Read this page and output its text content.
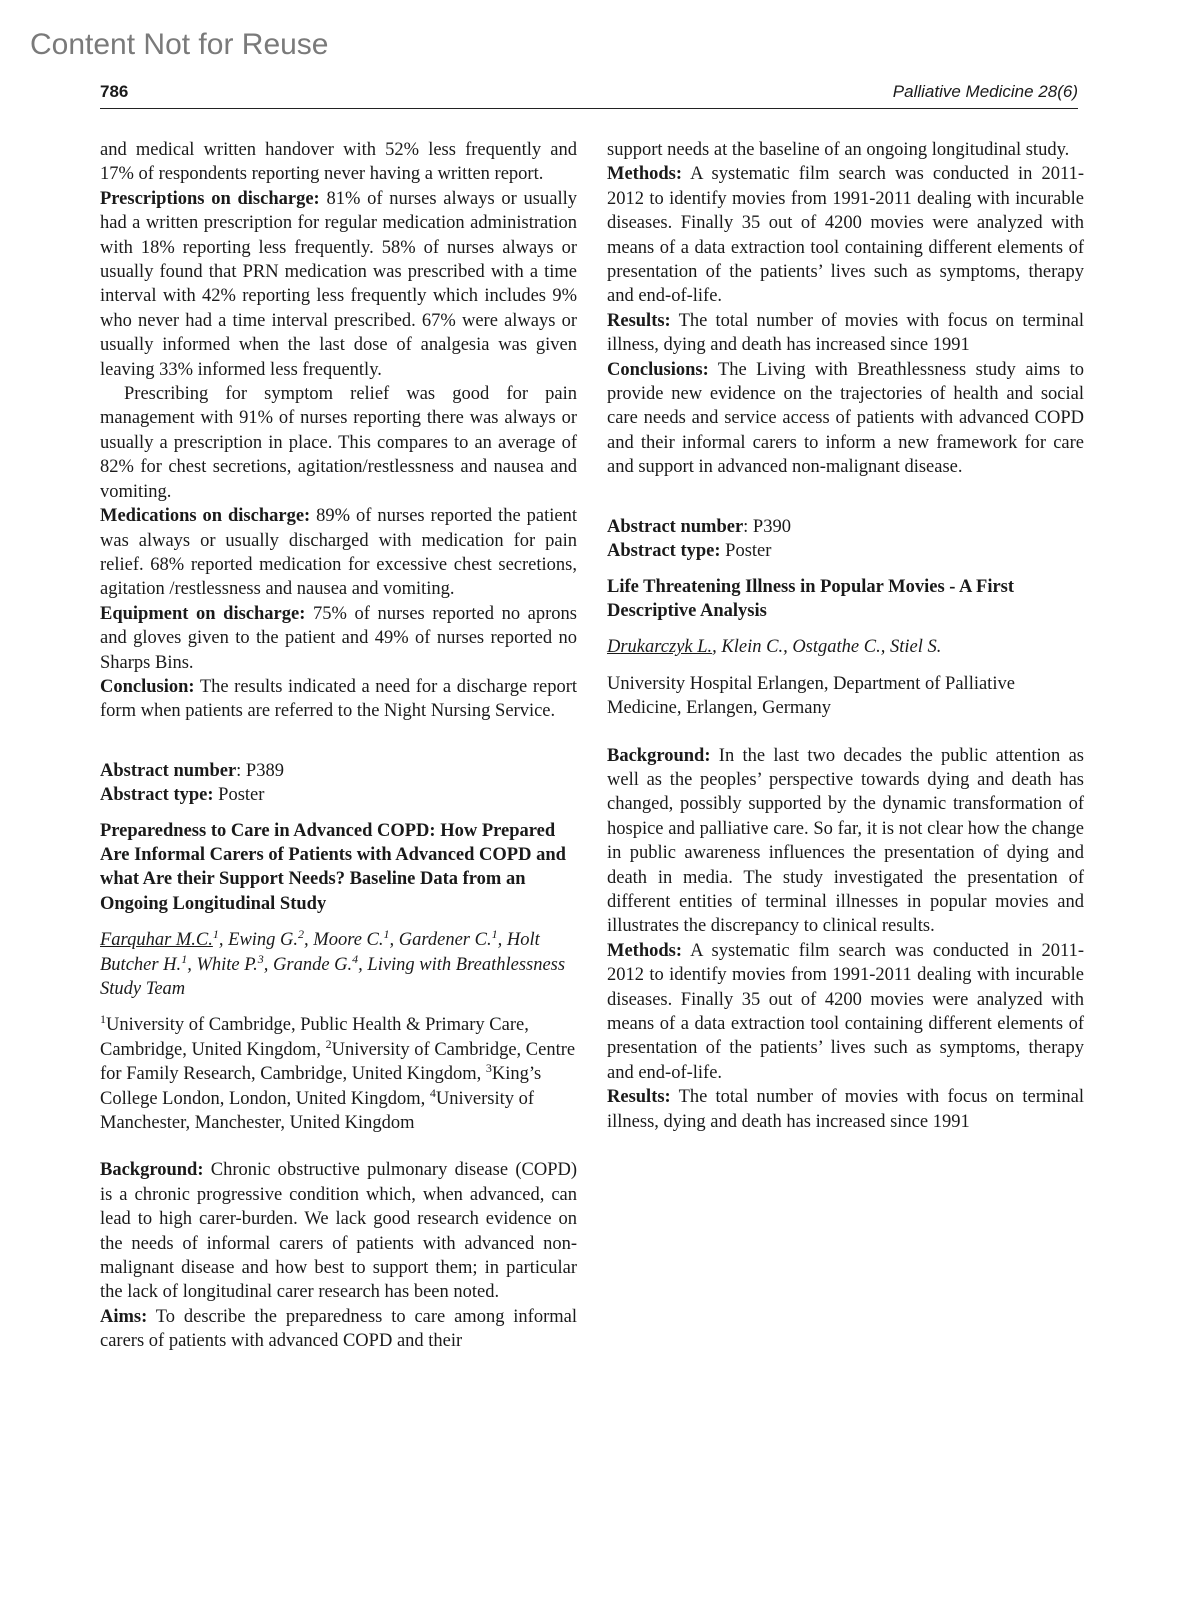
Content Not for Reuse
786	Palliative Medicine 28(6)

and medical written handover with 52% less frequently and 17% of respondents reporting never having a written report.

Prescriptions on discharge: 81% of nurses always or usually had a written prescription for regular medication administration with 18% reporting less frequently. 58% of nurses always or usually found that PRN medication was prescribed with a time interval with 42% reporting less frequently which includes 9% who never had a time interval prescribed. 67% were always or usually informed when the last dose of analgesia was given leaving 33% informed less frequently.

Prescribing for symptom relief was good for pain management with 91% of nurses reporting there was always or usually a prescription in place. This compares to an average of 82% for chest secretions, agitation/restlessness and nausea and vomiting.

Medications on discharge: 89% of nurses reported the patient was always or usually discharged with medication for pain relief. 68% reported medication for excessive chest secretions, agitation /restlessness and nausea and vomiting.

Equipment on discharge: 75% of nurses reported no aprons and gloves given to the patient and 49% of nurses reported no Sharps Bins.

Conclusion: The results indicated a need for a discharge report form when patients are referred to the Night Nursing Service.

Abstract number: P389

Abstract type: Poster

Preparedness to Care in Advanced COPD: How Prepared Are Informal Carers of Patients with Advanced COPD and what Are their Support Needs? Baseline Data from an Ongoing Longitudinal Study

Farquhar M.C.$^1$, Ewing G.$^2$, Moore C.$^1$, Gardener C.$^1$, Holt Butcher H.$^1$, White P.$^3$, Grande G.$^4$, Living with Breathlessness Study Team

$^1$University of Cambridge, Public Health & Primary Care, Cambridge, United Kingdom, $^2$University of Cambridge, Centre for Family Research, Cambridge, United Kingdom, $^3$King’s College London, London, United Kingdom, $^4$University of Manchester, Manchester, United Kingdom

Background: Chronic obstructive pulmonary disease (COPD) is a chronic progressive condition which, when advanced, can lead to high carer-burden. We lack good research evidence on the needs of informal carers of patients with advanced non-malignant disease and how best to support them; in particular the lack of longitudinal carer research has been noted.

Aims: To describe the preparedness to care among informal carers of patients with advanced COPD and their

support needs at the baseline of an ongoing longitudinal study.

Methods: A systematic film search was conducted in 2011-2012 to identify movies from 1991-2011 dealing with incurable diseases. Finally 35 out of 4200 movies were analyzed with means of a data extraction tool containing different elements of presentation of the patients’ lives such as symptoms, therapy and end-of-life.

Results: The total number of movies with focus on terminal illness, dying and death has increased since 1991

Conclusions: The Living with Breathlessness study aims to provide new evidence on the trajectories of health and social care needs and service access of patients with advanced COPD and their informal carers to inform a new framework for care and support in advanced non-malignant disease.

Abstract number: P390

Abstract type: Poster

Life Threatening Illness in Popular Movies - A First Descriptive Analysis

Drukarczyk L., Klein C., Ostgathe C., Stiel S.

University Hospital Erlangen, Department of Palliative Medicine, Erlangen, Germany

Background: In the last two decades the public attention as well as the peoples’ perspective towards dying and death has changed, possibly supported by the dynamic transformation of hospice and palliative care. So far, it is not clear how the change in public awareness influences the presentation of dying and death in media. The study investigated the presentation of different entities of terminal illnesses in popular movies and illustrates the discrepancy to clinical results.

Methods: A systematic film search was conducted in 2011-2012 to identify movies from 1991-2011 dealing with incurable diseases. Finally 35 out of 4200 movies were analyzed with means of a data extraction tool containing different elements of presentation of the patients’ lives such as symptoms, therapy and end-of-life.

Results: The total number of movies with focus on terminal illness, dying and death has increased since 1991
